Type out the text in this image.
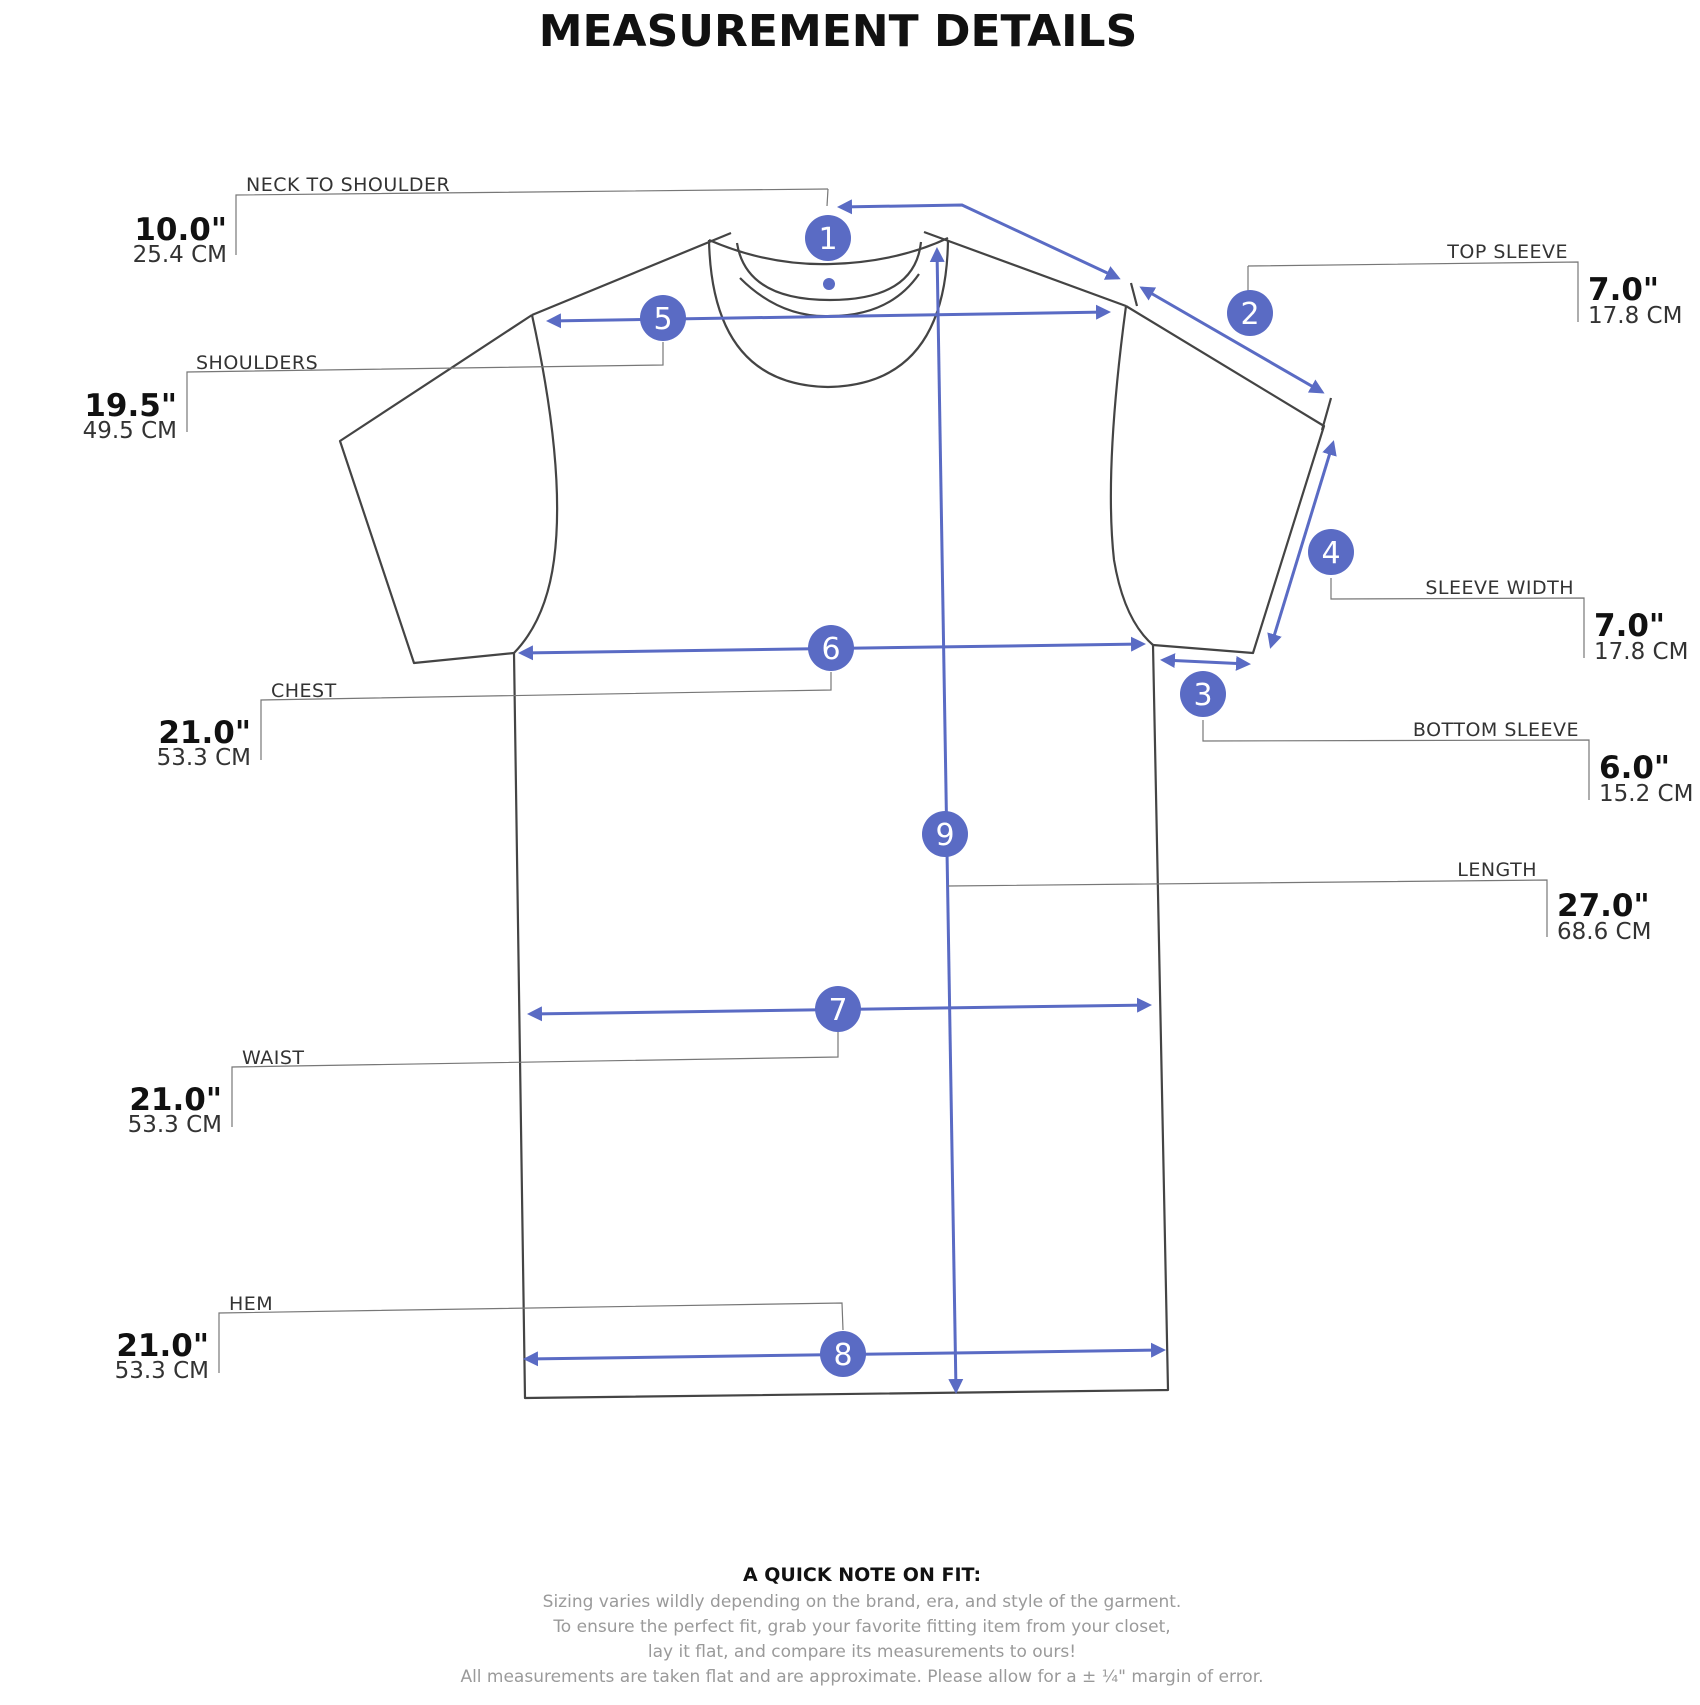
MEASUREMENT DETAILS
1
2
3
4
5
6
7
8
9
NECK TO SHOULDER
10.0"
25.4 CM
SHOULDERS
19.5"
49.5 CM
CHEST
21.0"
53.3 CM
WAIST
21.0"
53.3 CM
HEM
21.0"
53.3 CM
TOP SLEEVE
7.0"
17.8 CM
SLEEVE WIDTH
7.0"
17.8 CM
BOTTOM SLEEVE
6.0"
15.2 CM
LENGTH
27.0"
68.6 CM
A QUICK NOTE ON FIT:
Sizing varies wildly depending on the brand, era, and style of the garment.
To ensure the perfect fit, grab your favorite fitting item from your closet,
lay it flat, and compare its measurements to ours!
All measurements are taken flat and are approximate. Please allow for a ± ¼" margin of error.
